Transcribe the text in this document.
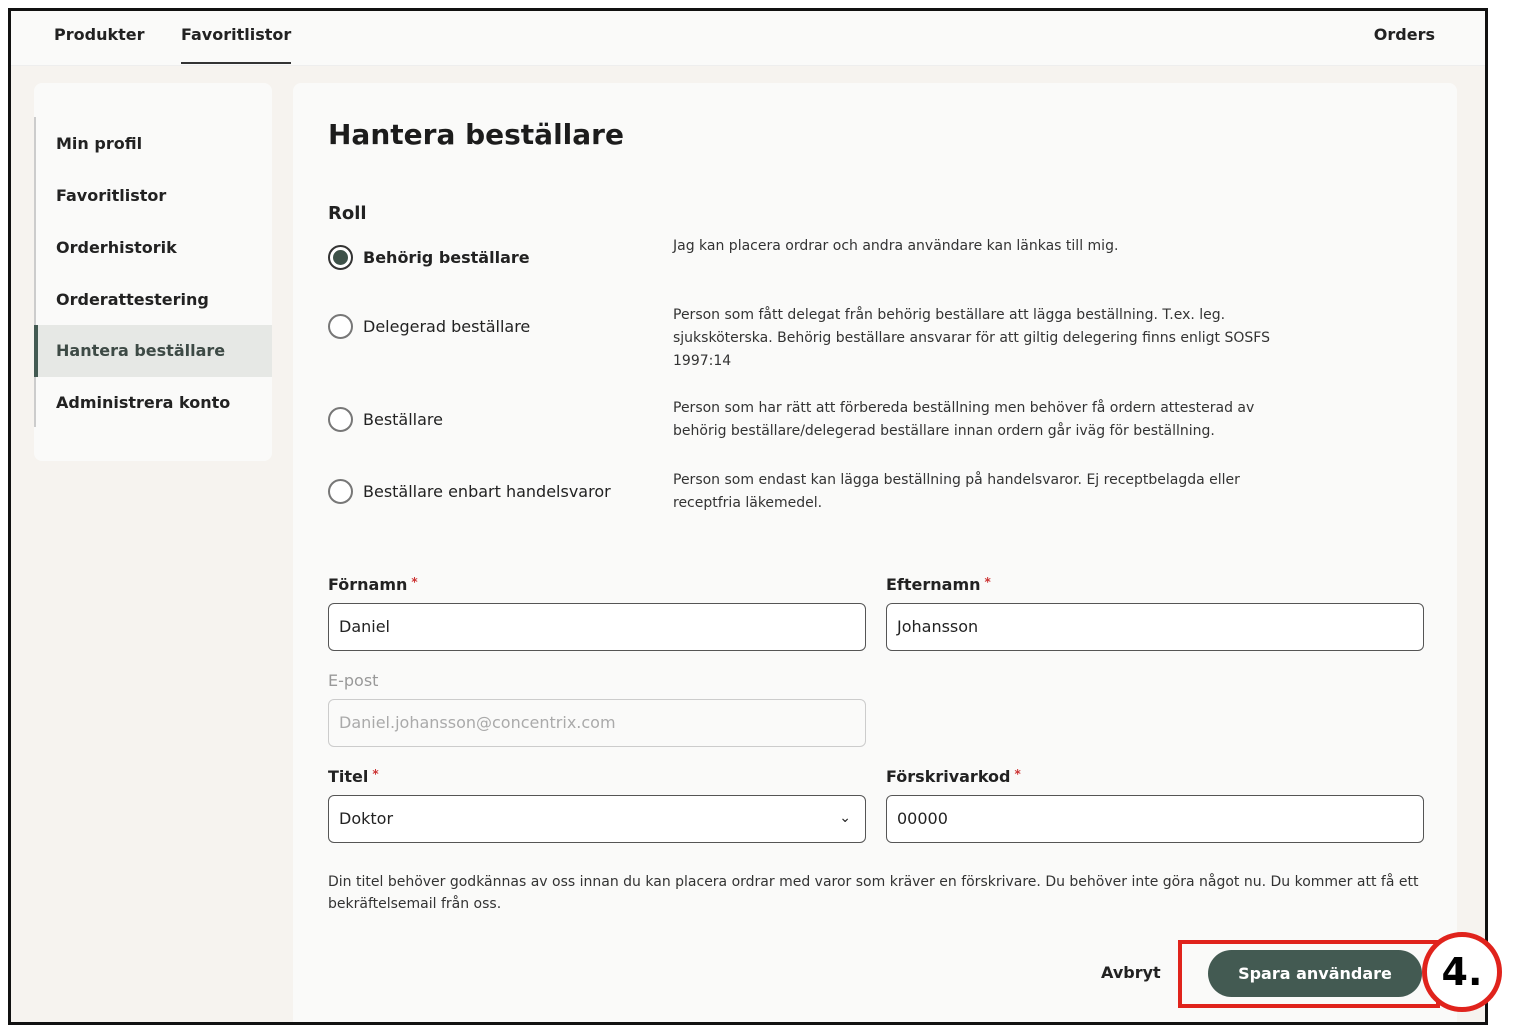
Produkter Favoritlistor	Orders
Min profil
Favoritlistor
Orderhistorik
Orderattestering
Hantera beställare
Administrera konto
Hantera beställare
Roll
Behörig beställare
Jag kan placera ordrar och andra användare kan länkas till mig.
Delegerad beställare
Person som fått delegat från behörig beställare att lägga beställning. T.ex. leg. sjuksköterska. Behörig beställare ansvarar för att giltig delegering finns enligt SOSFS 1997:14
Beställare
Person som har rätt att förbereda beställning men behöver få ordern attesterad av behörig beställare/delegerad beställare innan ordern går iväg för beställning.
Beställare enbart handelsvaror
Person som endast kan lägga beställning på handelsvaror. Ej receptbelagda eller receptfria läkemedel.
Förnamn *
Daniel
Efternamn *
Johansson
E-post
Daniel.johansson@concentrix.com
Titel *
Doktor	⌄
Förskrivarkod *
00000
Din titel behöver godkännas av oss innan du kan placera ordrar med varor som kräver en förskrivare. Du behöver inte göra något nu. Du kommer att få ett bekräftelsemail från oss.
Avbryt	Spara användare	4.
